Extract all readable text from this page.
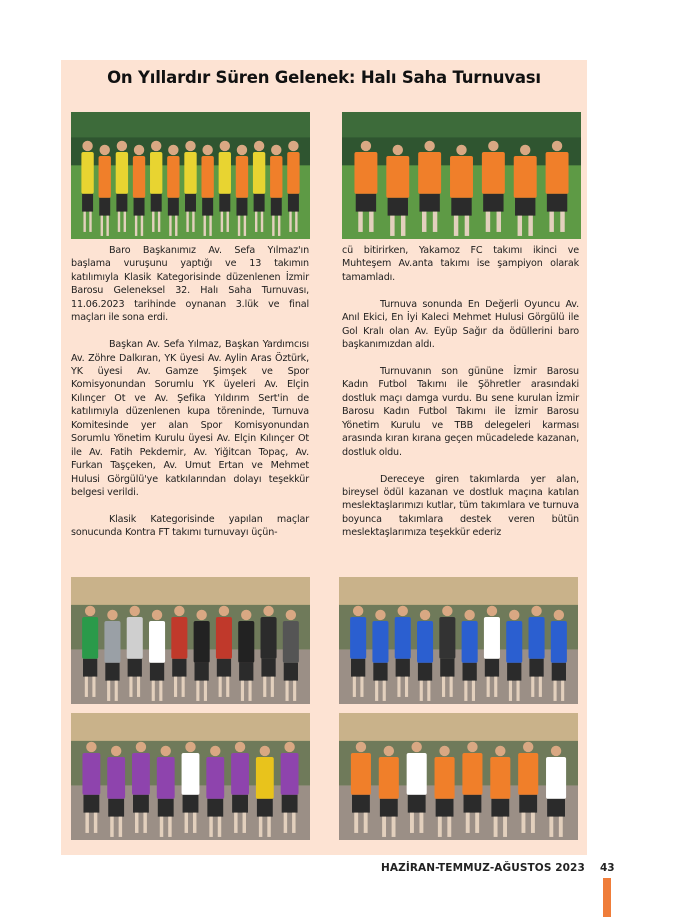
On Yıllardır Süren Gelenek: Halı Saha Turnuvası

Baro Başkanımız Av. Sefa Yılmaz'ın başlama vuruşunu yaptığı ve 13 takımın katılımıyla Klasik Kategorisinde düzenlenen İzmir Barosu Geleneksel 32. Halı Saha Turnuvası, 11.06.2023 tarihinde oynanan 3.lük ve final maçları ile sona erdi.

Başkan Av. Sefa Yılmaz, Başkan Yardımcısı Av. Zöhre Dalkıran, YK üyesi Av. Aylin Aras Öztürk, YK üyesi Av. Gamze Şimşek ve Spor Komisyonundan Sorumlu YK üyeleri Av. Elçin Kılınçer Ot ve Av. Şefika Yıldırım Sert'in de katılımıyla düzenlenen kupa töreninde, Turnuva Komitesinde yer alan Spor Komisyonundan Sorumlu Yönetim Kurulu üyesi Av. Elçin Kılınçer Ot ile Av. Fatih Pekdemir, Av. Yiğitcan Topaç, Av. Furkan Taşçeken, Av. Umut Ertan ve Mehmet Hulusi Görgülü'ye katkılarından dolayı teşekkür belgesi verildi.

Klasik Kategorisinde yapılan maçlar sonucunda Kontra FT takımı turnuvayı üçün-

cü bitirirken, Yakamoz FC takımı ikinci ve Muhteşem Av.anta takımı ise şampiyon olarak tamamladı.

Turnuva sonunda En Değerli Oyuncu Av. Anıl Ekici, En İyi Kaleci Mehmet Hulusi Görgülü ile Gol Kralı olan Av. Eyüp Sağır da ödüllerini baro başkanımızdan aldı.

Turnuvanın son gününe İzmir Barosu Kadın Futbol Takımı ile Şöhretler arasındaki dostluk maçı damga vurdu. Bu sene kurulan İzmir Barosu Kadın Futbol Takımı ile İzmir Barosu Yönetim Kurulu ve TBB delegeleri karması arasında kıran kırana geçen mücadelede kazanan, dostluk oldu.

Dereceye giren takımlarda yer alan, bireysel ödül kazanan ve dostluk maçına katılan meslektaşlarımızı kutlar, tüm takımlara ve turnuva boyunca takımlara destek veren bütün meslektaşlarımıza teşekkür ederiz

HAZİRAN-TEMMUZ-AĞUSTOS 2023 43
